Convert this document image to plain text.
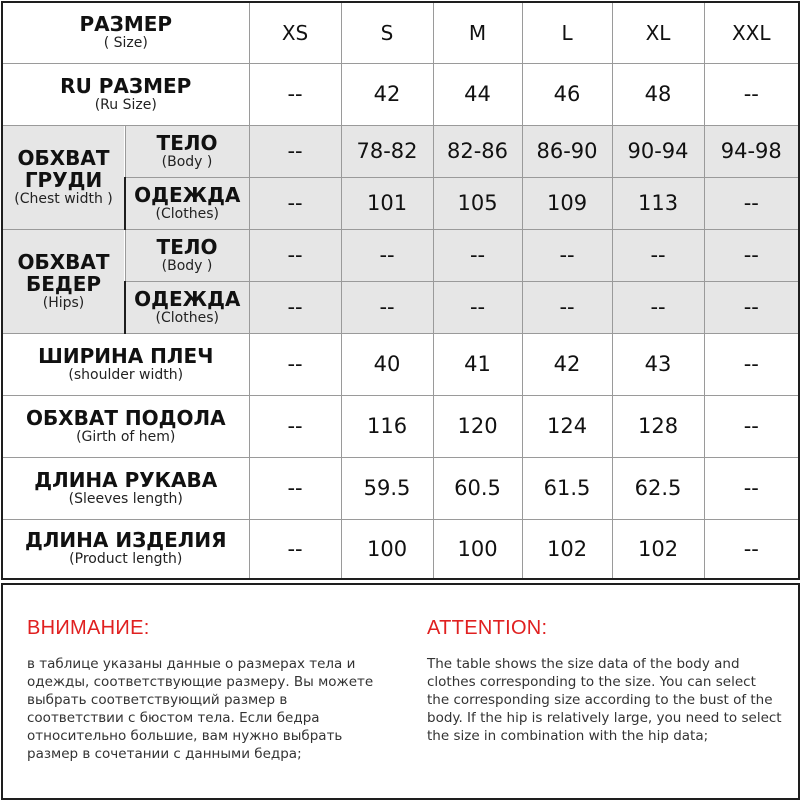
РАЗМЕР
( Size)		XS	S	M	L	XL	XXL

RU РАЗМЕР
(Ru Size)		--	42	44	46	48	--

ОБХВАТ
ГРУДИ
(Chest width )	ТЕЛО
(Body )	--	78-82	82-86	86-90	90-94	94-98

	ОДЕЖДА
(Clothes)	--	101	105	109	113	--

ОБХВАТ
БЕДЕР
(Hips)	ТЕЛО
(Body )	--	--	--	--	--	--

	ОДЕЖДА
(Clothes)	--	--	--	--	--	--

ШИРИНА ПЛЕЧ
(shoulder width)		--	40	41	42	43	--

ОБХВАТ ПОДОЛА
(Girth of hem)		--	116	120	124	128	--

ДЛИНА РУКАВА
(Sleeves length)		--	59.5	60.5	61.5	62.5	--

ДЛИНА ИЗДЕЛИЯ
(Product length)		--	100	100	102	102	--
ВНИМАНИЕ:
в таблице указаны данные о размерах тела и
одежды, соответствующие размеру. Вы можете
выбрать соответствующий размер в
соответствии с бюстом тела. Если бедра
относительно большие, вам нужно выбрать
размер в сочетании с данными бедра;
ATTENTION:
The table shows the size data of the body and
clothes corresponding to the size. You can select
the corresponding size according to the bust of the
body. If the hip is relatively large, you need to select
the size in combination with the hip data;
